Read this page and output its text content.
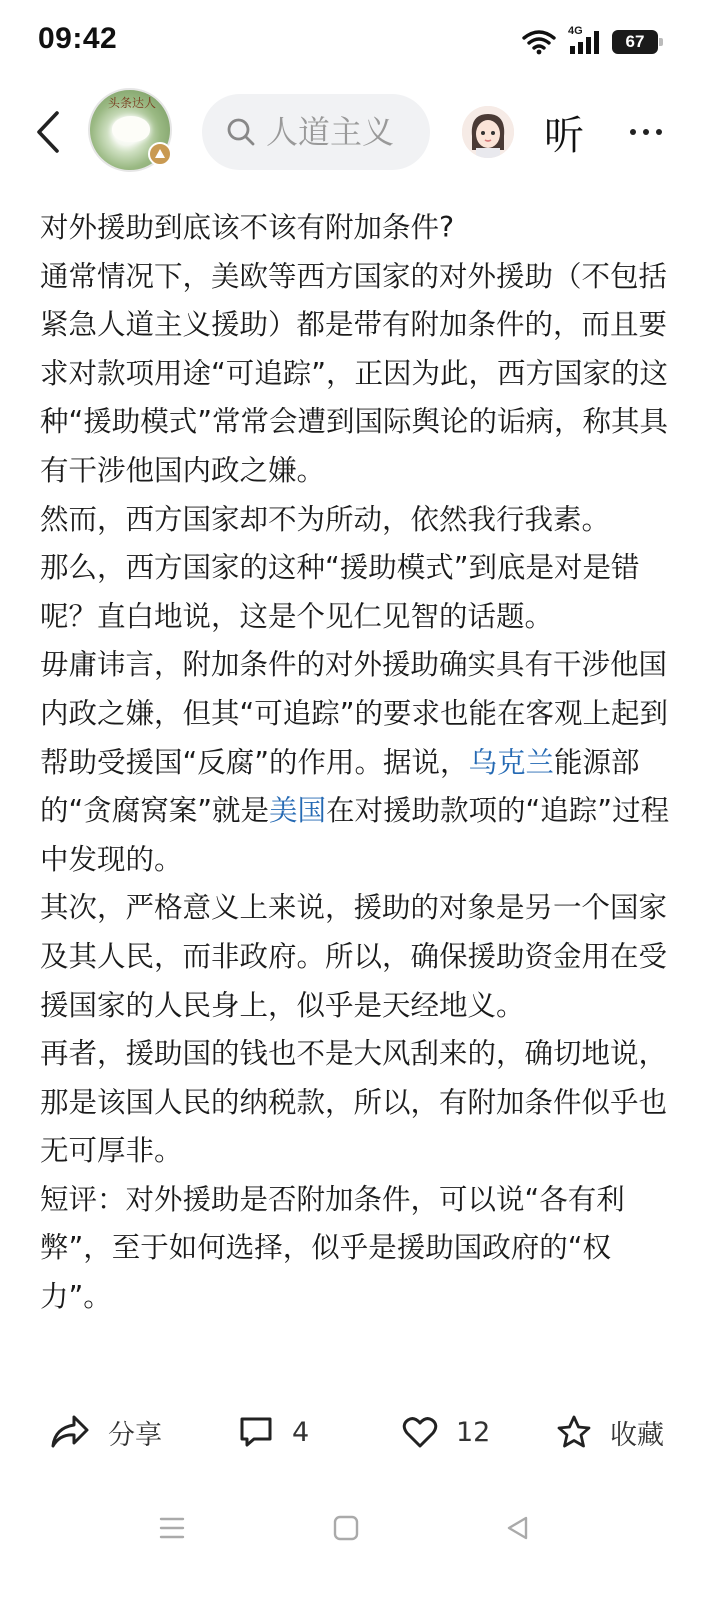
09:42	4G
67
头条达人
人道主义
听

对外援助到底该不该有附加条件?

通常情况下，美欧等西方国家的对外援助（不包括紧急人道主义援助）都是带有附加条件的，而且要求对款项用途“可追踪”，正因为此，西方国家的这种“援助模式”常常会遭到国际舆论的诟病，称其具有干涉他国内政之嫌。

然而，西方国家却不为所动，依然我行我素。

那么，西方国家的这种“援助模式”到底是对是错呢？直白地说，这是个见仁见智的话题。

毋庸讳言，附加条件的对外援助确实具有干涉他国内政之嫌，但其“可追踪”的要求也能在客观上起到帮助受援国“反腐”的作用。据说，乌克兰能源部的“贪腐窝案”就是美国在对援助款项的“追踪”过程中发现的。

其次，严格意义上来说，援助的对象是另一个国家及其人民，而非政府。所以，确保援助资金用在受援国家的人民身上，似乎是天经地义。

再者，援助国的钱也不是大风刮来的，确切地说，那是该国人民的纳税款，所以，有附加条件似乎也无可厚非。

短评：对外援助是否附加条件，可以说“各有利弊”，至于如何选择，似乎是援助国政府的“权力”。

分享	4	12	收藏
